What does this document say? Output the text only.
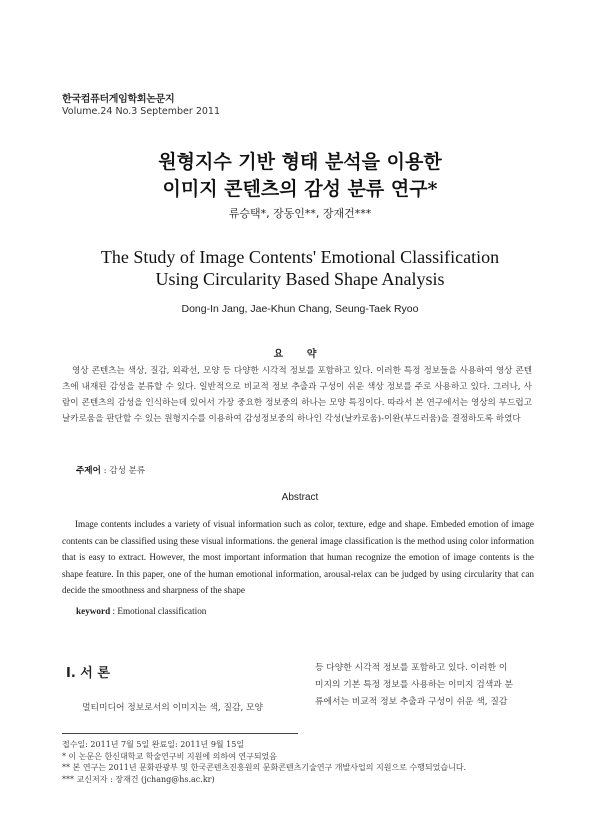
한국컴퓨터게임학회논문지
Volume.24 No.3 September 2011
원형지수 기반 형태 분석을 이용한
이미지 콘텐츠의 감성 분류 연구*
류승택*, 장동인**, 장재건***
The Study of Image Contents' Emotional Classification
Using Circularity Based Shape Analysis
Dong-In Jang, Jae-Khun Chang, Seung-Taek Ryoo
요 약
영상 콘텐츠는 색상, 질감, 외곽선, 모양 등 다양한 시각적 정보를 포함하고 있다. 이러한 특정 정보들을 사용하여 영상 콘텐츠에 내재된 감성을 분류할 수 있다. 일반적으로 비교적 정보 추출과 구성이 쉬운 색상 정보를 주로 사용하고 있다. 그러나, 사람이 콘텐츠의 감성을 인식하는데 있어서 가장 중요한 정보중의 하나는 모양 특징이다. 따라서 본 연구에서는 영상의 부드럽고 날카로움을 판단할 수 있는 원형지수를 이용하여 감성정보중의 하나인 각성(날카로움)-이완(부드러움)을 결정하도록 하였다
주제어 : 감성 분류
Abstract
Image contents includes a variety of visual information such as color, texture, edge and shape. Embeded emotion of image contents can be classified using these visual informations. the general image classification is the method using color information that is easy to extract. However, the most important information that human recognize the emotion of image contents is the shape feature. In this paper, one of the human emotional information, arousal-relax can be judged by using circularity that can decide the smoothness and sharpness of the shape
keyword : Emotional classification
Ⅰ. 서 론
멀티미디어 정보로서의 이미지는 색, 질감, 모양
등 다양한 시각적 정보를 포함하고 있다. 이러한 이
미지의 기본 특정 정보를 사용하는 이미지 검색과 분
류에서는 비교적 정보 추출과 구성이 쉬운 색, 질감
접수일: 2011년 7월 5일 완료일: 2011년 9월 15일
* 이 논문은 한신대학교 학술연구비 지원에 의하여 연구되었음
** 본 연구는 2011년 문화관광부 및 한국콘텐츠진흥원의 문화콘텐츠기술연구 개발사업의 지원으로 수행되었습니다.
*** 교신저자 : 장재건 (jchang@hs.ac.kr)
